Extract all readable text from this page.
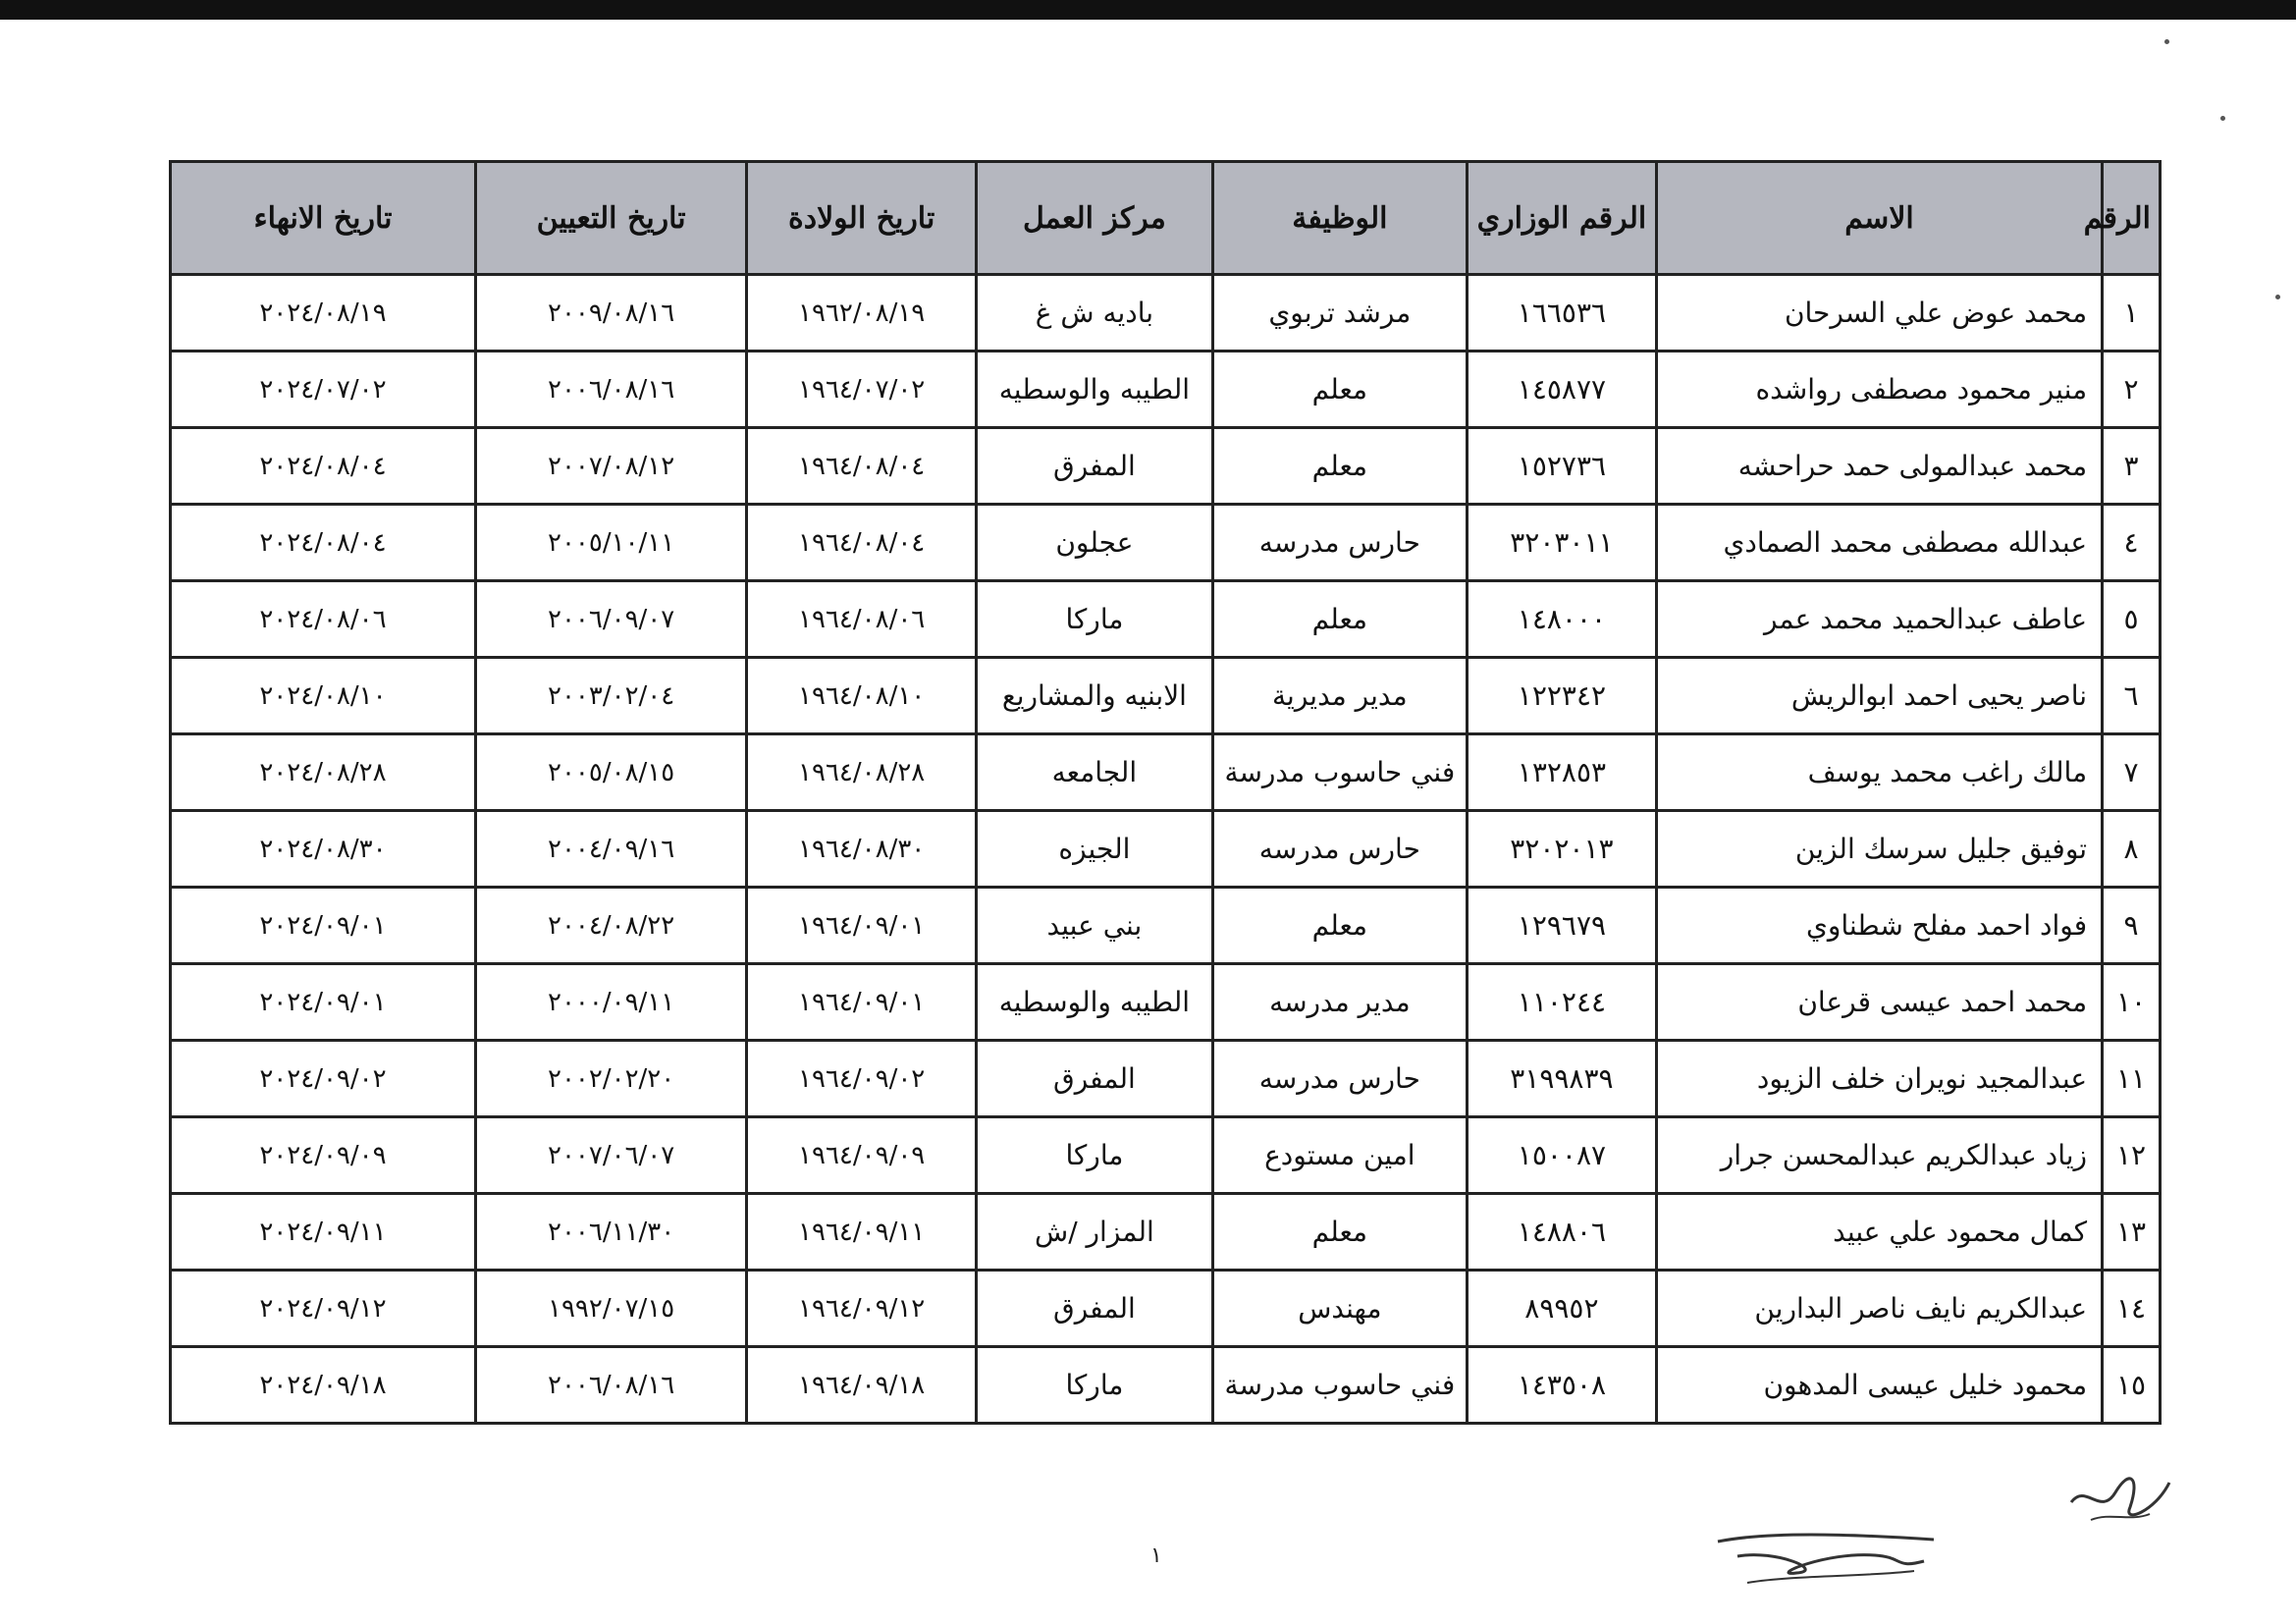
الرقم	الاسم	الرقم الوزاري	الوظيفة	مركز العمل	تاريخ الولادة	تاريخ التعيين	تاريخ الانهاء
١	محمد عوض علي السرحان	١٦٦٥٣٦	مرشد تربوي	باديه ش غ	١٩٦٢/٠٨/١٩	٢٠٠٩/٠٨/١٦	٢٠٢٤/٠٨/١٩
٢	منير محمود مصطفى رواشده	١٤٥٨٧٧	معلم	الطيبه والوسطيه	١٩٦٤/٠٧/٠٢	٢٠٠٦/٠٨/١٦	٢٠٢٤/٠٧/٠٢
٣	محمد عبدالمولى حمد حراحشه	١٥٢٧٣٦	معلم	المفرق	١٩٦٤/٠٨/٠٤	٢٠٠٧/٠٨/١٢	٢٠٢٤/٠٨/٠٤
٤	عبدالله مصطفى محمد الصمادي	٣٢٠٣٠١١	حارس مدرسه	عجلون	١٩٦٤/٠٨/٠٤	٢٠٠٥/١٠/١١	٢٠٢٤/٠٨/٠٤
٥	عاطف عبدالحميد محمد عمر	١٤٨٠٠٠	معلم	ماركا	١٩٦٤/٠٨/٠٦	٢٠٠٦/٠٩/٠٧	٢٠٢٤/٠٨/٠٦
٦	ناصر يحيى احمد ابوالريش	١٢٢٣٤٢	مدير مديرية	الابنيه والمشاريع	١٩٦٤/٠٨/١٠	٢٠٠٣/٠٢/٠٤	٢٠٢٤/٠٨/١٠
٧	مالك راغب محمد يوسف	١٣٢٨٥٣	فني حاسوب مدرسة	الجامعه	١٩٦٤/٠٨/٢٨	٢٠٠٥/٠٨/١٥	٢٠٢٤/٠٨/٢٨
٨	توفيق جليل سرسك الزين	٣٢٠٢٠١٣	حارس مدرسه	الجيزه	١٩٦٤/٠٨/٣٠	٢٠٠٤/٠٩/١٦	٢٠٢٤/٠٨/٣٠
٩	فواد احمد مفلح شطناوي	١٢٩٦٧٩	معلم	بني عبيد	١٩٦٤/٠٩/٠١	٢٠٠٤/٠٨/٢٢	٢٠٢٤/٠٩/٠١
١٠	محمد احمد عيسى قرعان	١١٠٢٤٤	مدير مدرسه	الطيبه والوسطيه	١٩٦٤/٠٩/٠١	٢٠٠٠/٠٩/١١	٢٠٢٤/٠٩/٠١
١١	عبدالمجيد نويران خلف الزيود	٣١٩٩٨٣٩	حارس مدرسه	المفرق	١٩٦٤/٠٩/٠٢	٢٠٠٢/٠٢/٢٠	٢٠٢٤/٠٩/٠٢
١٢	زياد عبدالكريم عبدالمحسن جرار	١٥٠٠٨٧	امين مستودع	ماركا	١٩٦٤/٠٩/٠٩	٢٠٠٧/٠٦/٠٧	٢٠٢٤/٠٩/٠٩
١٣	كمال محمود علي عبيد	١٤٨٨٠٦	معلم	المزار /ش	١٩٦٤/٠٩/١١	٢٠٠٦/١١/٣٠	٢٠٢٤/٠٩/١١
١٤	عبدالكريم نايف ناصر البدارين	٨٩٩٥٢	مهندس	المفرق	١٩٦٤/٠٩/١٢	١٩٩٢/٠٧/١٥	٢٠٢٤/٠٩/١٢
١٥	محمود خليل عيسى المدهون	١٤٣٥٠٨	فني حاسوب مدرسة	ماركا	١٩٦٤/٠٩/١٨	٢٠٠٦/٠٨/١٦	٢٠٢٤/٠٩/١٨
١
